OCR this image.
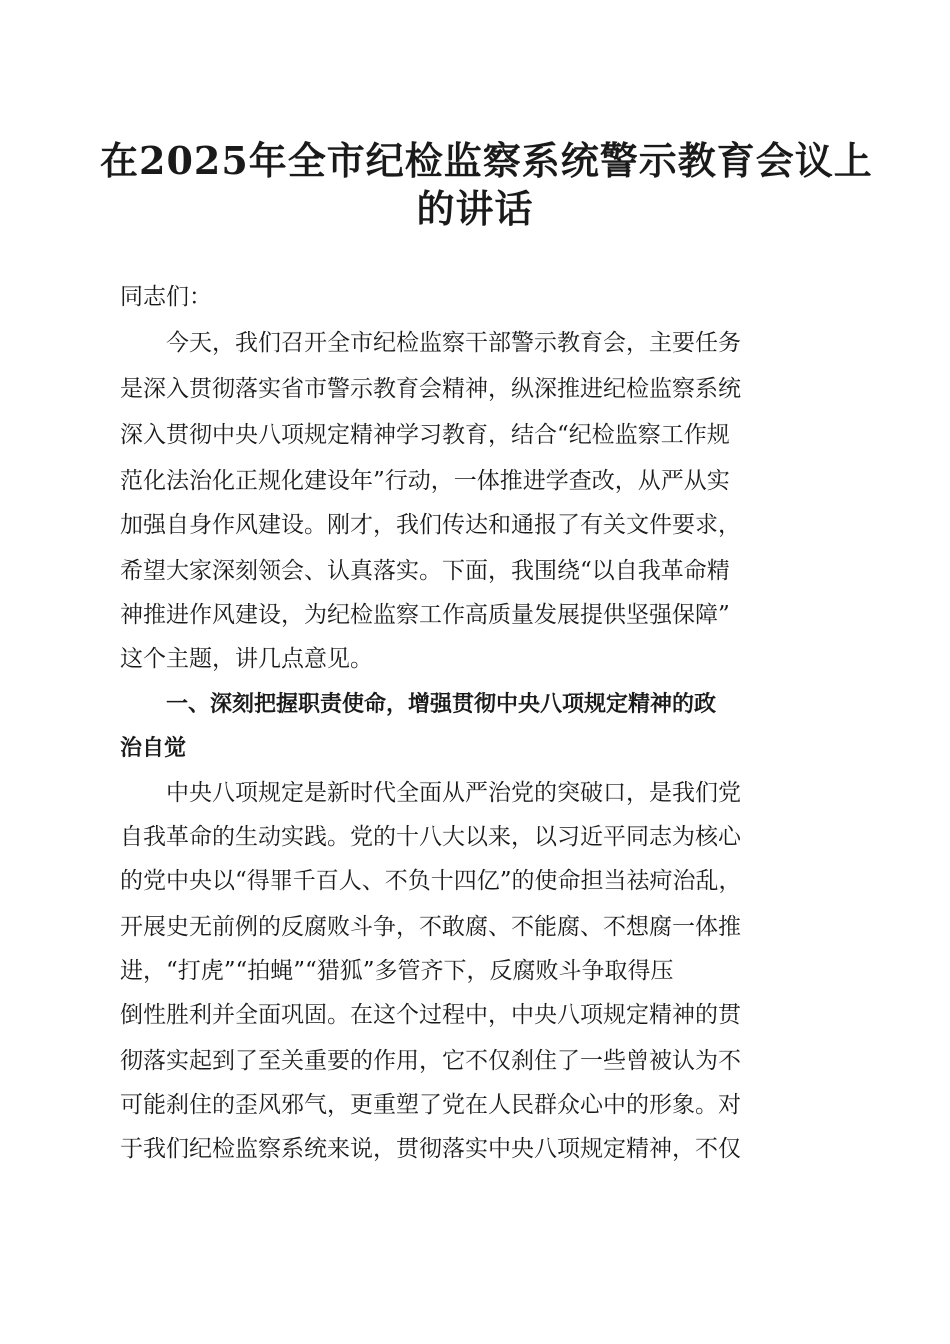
在2025年全市纪检监察系统警示教育会议上
的讲话
同志们：
今天，我们召开全市纪检监察干部警示教育会，主要任务
是深入贯彻落实省市警示教育会精神，纵深推进纪检监察系统
深入贯彻中央八项规定精神学习教育，结合“纪检监察工作规
范化法治化正规化建设年”行动，一体推进学查改，从严从实
加强自身作风建设。刚才，我们传达和通报了有关文件要求，
希望大家深刻领会、认真落实。下面，我围绕“以自我革命精
神推进作风建设，为纪检监察工作高质量发展提供坚强保障”
这个主题，讲几点意见。
一、深刻把握职责使命，增强贯彻中央八项规定精神的政
治自觉
中央八项规定是新时代全面从严治党的突破口，是我们党
自我革命的生动实践。党的十八大以来，以习近平同志为核心
的党中央以“得罪千百人、不负十四亿”的使命担当祛疴治乱，
开展史无前例的反腐败斗争，不敢腐、不能腐、不想腐一体推
进，“打虎”“拍蝇”“猎狐”多管齐下，反腐败斗争取得压
倒性胜利并全面巩固。在这个过程中，中央八项规定精神的贯
彻落实起到了至关重要的作用，它不仅刹住了一些曾被认为不
可能刹住的歪风邪气，更重塑了党在人民群众心中的形象。对
于我们纪检监察系统来说，贯彻落实中央八项规定精神，不仅
